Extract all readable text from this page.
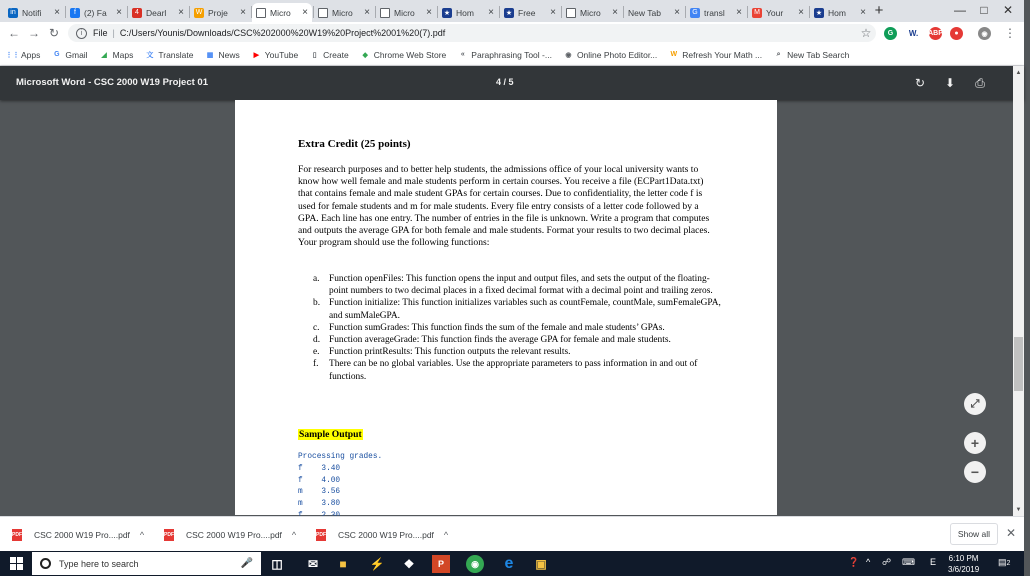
in Notifi	×	f (2) Fa ×	4 Dearl	× W Proje	×	Micro	×	Micro	×	Micro	× ★ Hom	× ★ Free	×	Micro	× New Tab	×	G transl	× M Your	× ★ Hom	× +	—	□	✕
← → ↻	i	File | C:/Users/Younis/Downloads/CSC%202000%20W19%20Project%2001%20(7).pdf	☆	G	W. ABP	●	◉ ⋮
⋮⋮ Apps G Gmail ◢ Maps 文 Translate ▦ News ▶ YouTube	▯ Create ◆ Chrome Web Store	« Paraphrasing Tool -... ◉ Online Photo Editor... W Refresh Your Math ...	⌕ New Tab Search
Microsoft Word - CSC 2000 W19 Project 01	4 / 5	↻ ⬇ ⎙
Extra Credit (25 points)
For research purposes and to better help students, the admissions office of your local university wants to know how well female and male students perform in certain courses. You receive a file (ECPart1Data.txt) that contains female and male student GPAs for certain courses. Due to confidentiality, the letter code f is used for female students and m for male students. Every file entry consists of a letter code followed by a GPA. Each line has one entry. The number of entries in the file is unknown. Write a program that computes and outputs the average GPA for both female and male students. Format your results to two decimal places. Your program should use the following functions:
a.	Function openFiles: This function opens the input and output files, and sets the output of the floating-point numbers to two decimal places in a fixed decimal format with a decimal point and trailing zeros.
b. Function initialize: This function initializes variables such as countFemale, countMale, sumFemaleGPA, and sumMaleGPA.
c.	Function sumGrades: This function finds the sum of the female and male students’ GPAs.
d. Function averageGrade: This function finds the average GPA for female and male students.
e.	Function printResults: This function outputs the relevant results.
f.	There can be no global variables. Use the appropriate parameters to pass information in and out of functions.
Sample Output
Processing grades.
f    3.40
f    4.00
m    3.56
m    3.80
▲
▼
⤢
+
−
Show all	✕
PDF CSC 2000 W19 Pro....pdf ^	PDF CSC 2000 W19 Pro....pdf ^	PDF CSC 2000 W19 Pro....pdf ^
Type here to search	🎤 ◫	✉	■	⚡	❖	P	◉	e	▣	❓ ^ ☍ ⌨ E 6:10 PM
3/6/2019
▤2
